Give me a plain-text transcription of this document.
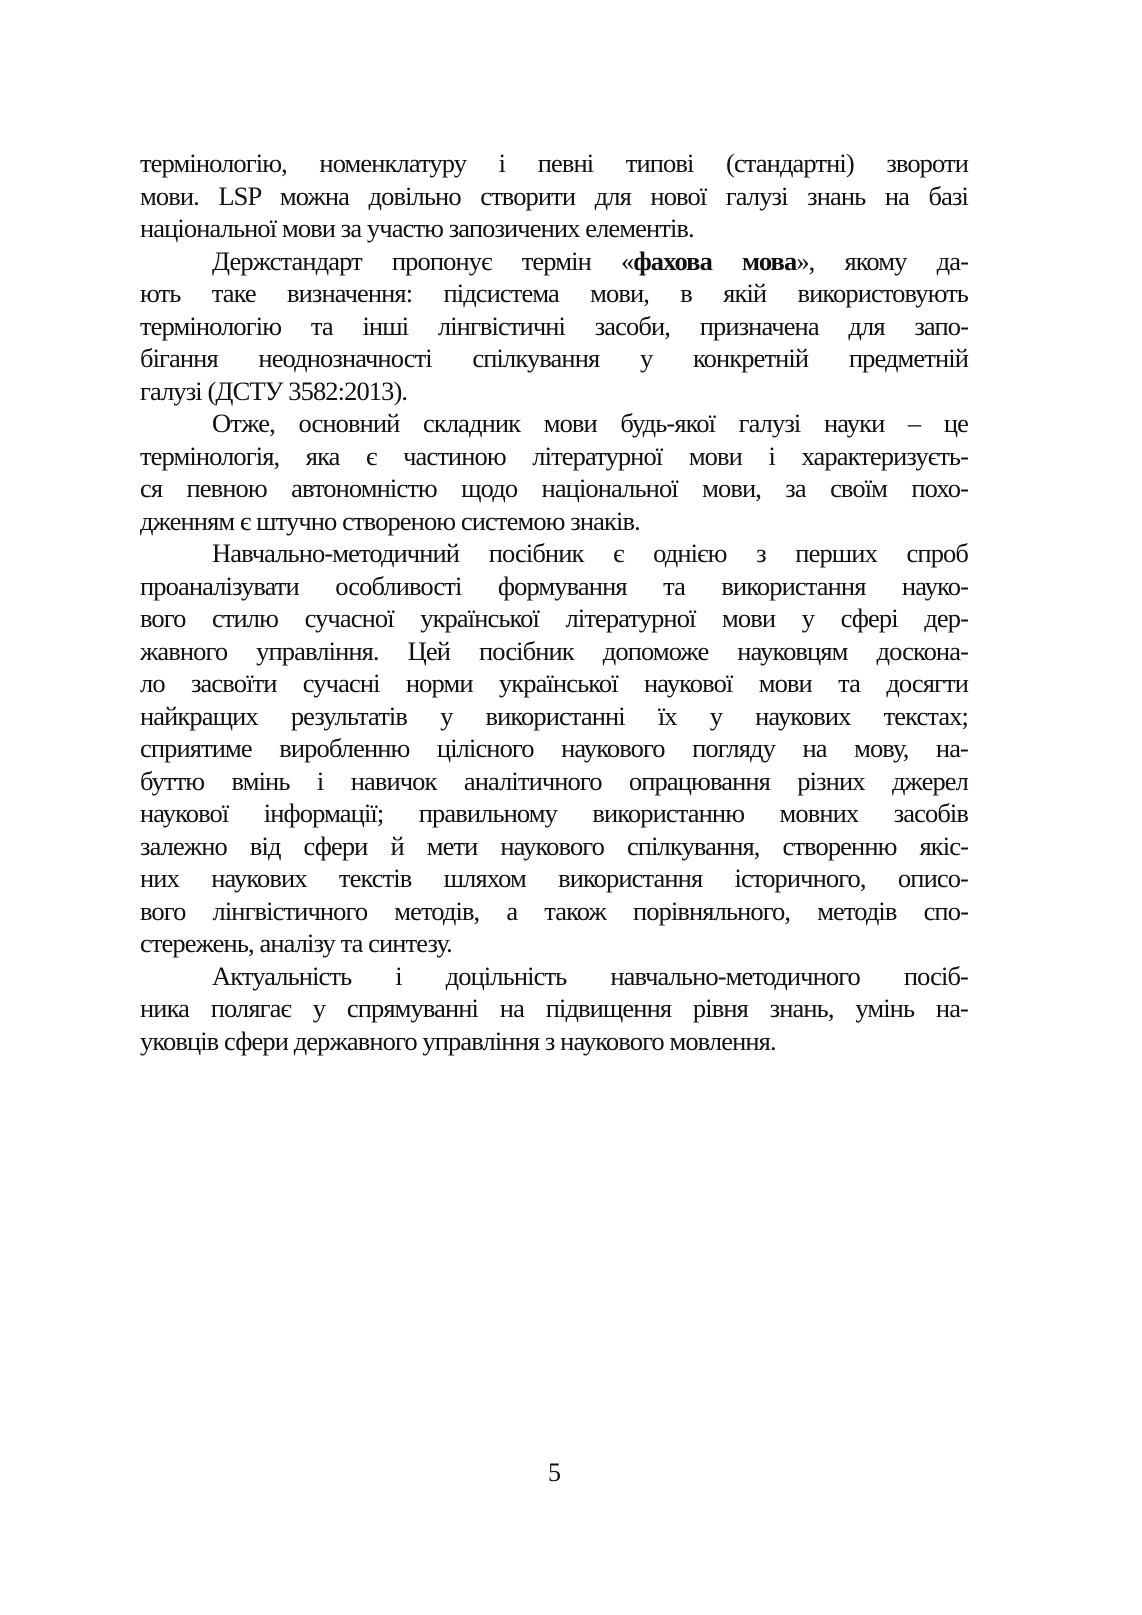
термінологію, номенклатуру і певні типові (стандартні) звороти
мови. LSP можна довільно створити для нової галузі знань на базі
національної мови за участю запозичених елементів.
Держстандарт пропонує термін «фахова мова», якому да-
ють таке визначення: підсистема мови, в якій використовують
термінологію та інші лінгвістичні засоби, призначена для запо-
бігання неоднозначності спілкування у конкретній предметній
галузі (ДСТУ 3582:2013).
Отже, основний складник мови будь-якої галузі науки – це
термінологія, яка є частиною літературної мови і характеризуєть-
ся певною автономністю щодо національної мови, за своїм похо-
дженням є штучно створеною системою знаків.
Навчально-методичний посібник є однією з перших спроб
проаналізувати особливості формування та використання науко-
вого стилю сучасної української літературної мови у сфері дер-
жавного управління. Цей посібник допоможе науковцям доскона-
ло засвоїти сучасні норми української наукової мови та досягти
найкращих результатів у використанні їх у наукових текстах;
сприятиме виробленню цілісного наукового погляду на мову, на-
буттю вмінь і навичок аналітичного опрацювання різних джерел
наукової інформації; правильному використанню мовних засобів
залежно від сфери й мети наукового спілкування, створенню якіс-
них наукових текстів шляхом використання історичного, описо-
вого лінгвістичного методів, а також порівняльного, методів спо-
стережень, аналізу та синтезу.
Актуальність і доцільність навчально-методичного посіб-
ника полягає у спрямуванні на підвищення рівня знань, умінь на-
уковців сфери державного управління з наукового мовлення.
5
